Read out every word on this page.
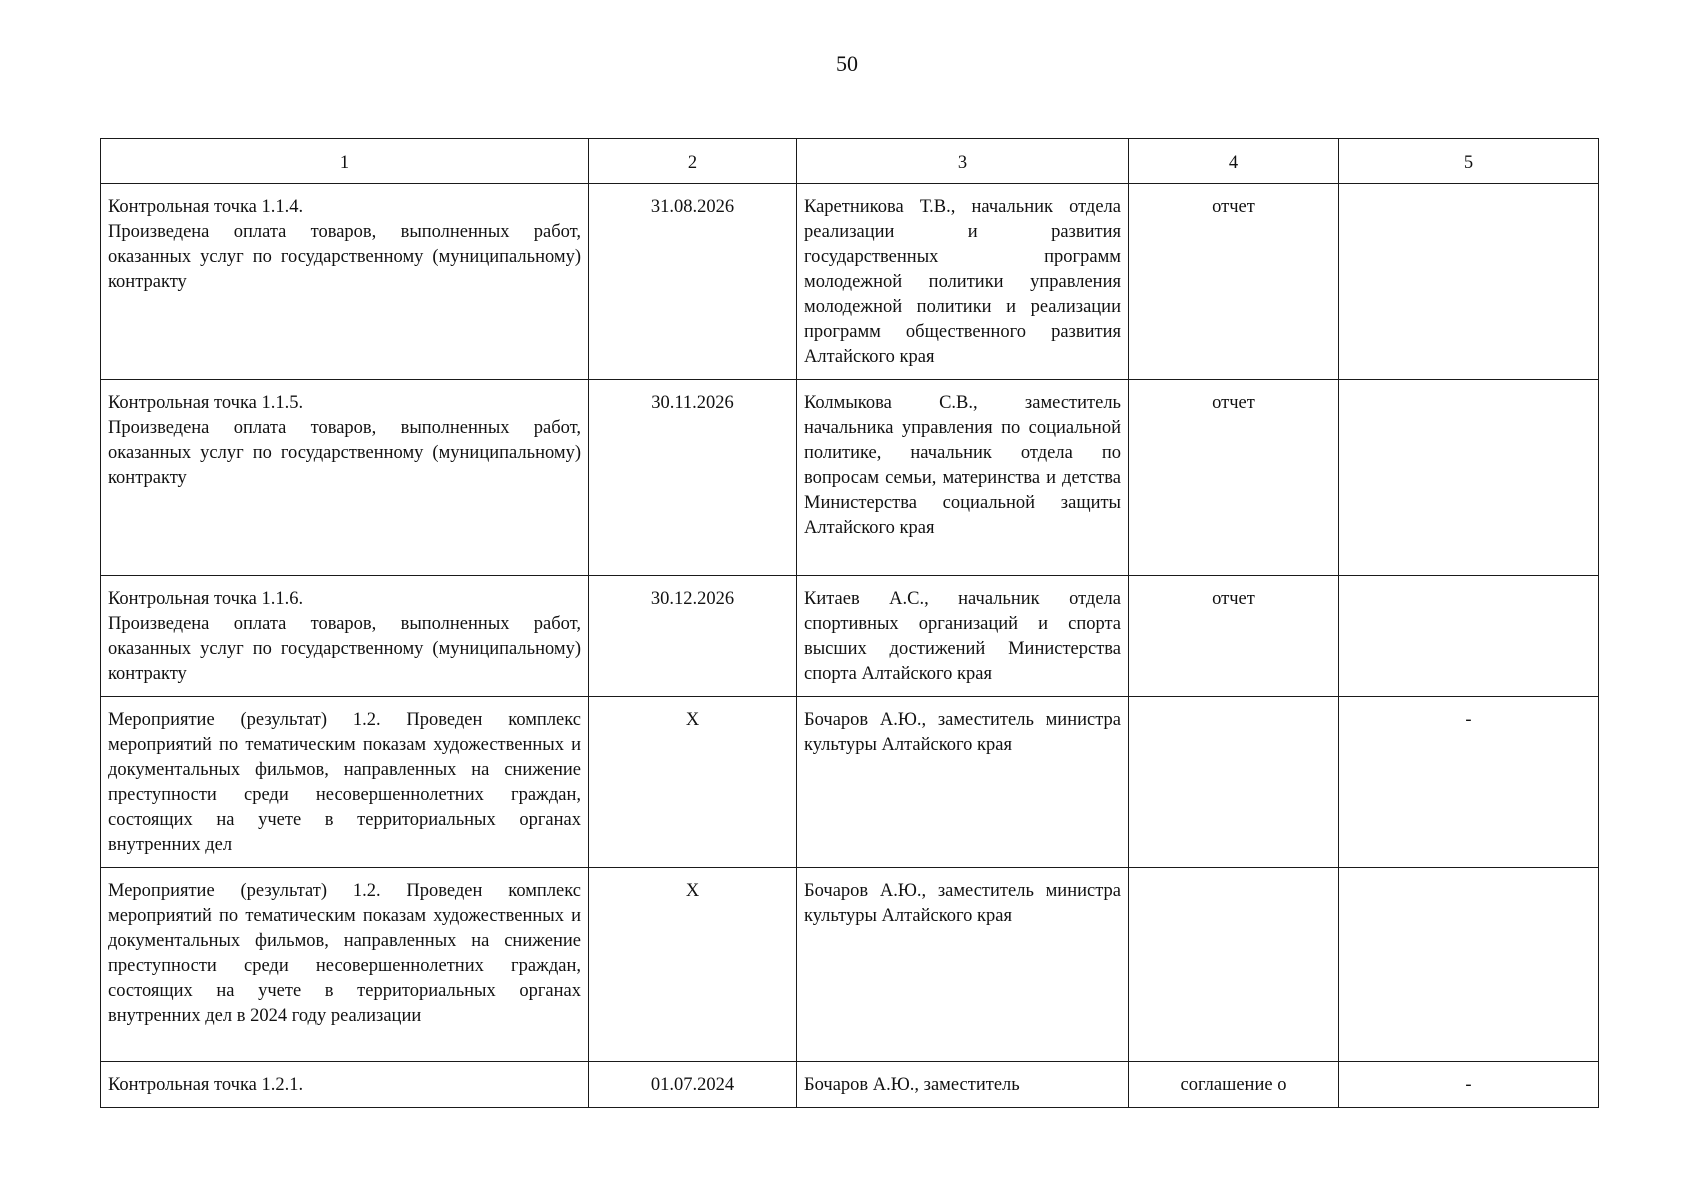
50
1	2	3	4	5

Контрольная точка 1.1.4.
Произведена оплата товаров, выполненных работ, оказанных услуг по государственному (муниципальному) контракту	31.08.2026	Каретникова Т.В., начальник отдела реализации и развития государственных программ молодежной политики управления молодежной политики и реализации программ общественного развития Алтайского края	отчет	

Контрольная точка 1.1.5.
Произведена оплата товаров, выполненных работ, оказанных услуг по государственному (муниципальному) контракту	30.11.2026	Колмыкова С.В., заместитель начальника управления по социальной политике, начальник отдела по вопросам семьи, материнства и детства Министерства социальной защиты Алтайского края	отчет	

Контрольная точка 1.1.6.
Произведена оплата товаров, выполненных работ, оказанных услуг по государственному (муниципальному) контракту	30.12.2026	Китаев А.С., начальник отдела спортивных организаций и спорта высших достижений Министерства спорта Алтайского края	отчет	
Мероприятие (результат) 1.2. Проведен комплекс мероприятий по тематическим показам художественных и документальных фильмов, направленных на снижение преступности среди несовершеннолетних граждан, состоящих на учете в территориальных органах внутренних дел	X	Бочаров А.Ю., заместитель министра культуры Алтайского края		-
Мероприятие (результат) 1.2. Проведен комплекс мероприятий по тематическим показам художественных и документальных фильмов, направленных на снижение преступности среди несовершеннолетних граждан, состоящих на учете в территориальных органах внутренних дел в 2024 году реализации	X	Бочаров А.Ю., заместитель министра культуры Алтайского края		
Контрольная точка 1.2.1.	01.07.2024	Бочаров А.Ю., заместитель	соглашение о	-
